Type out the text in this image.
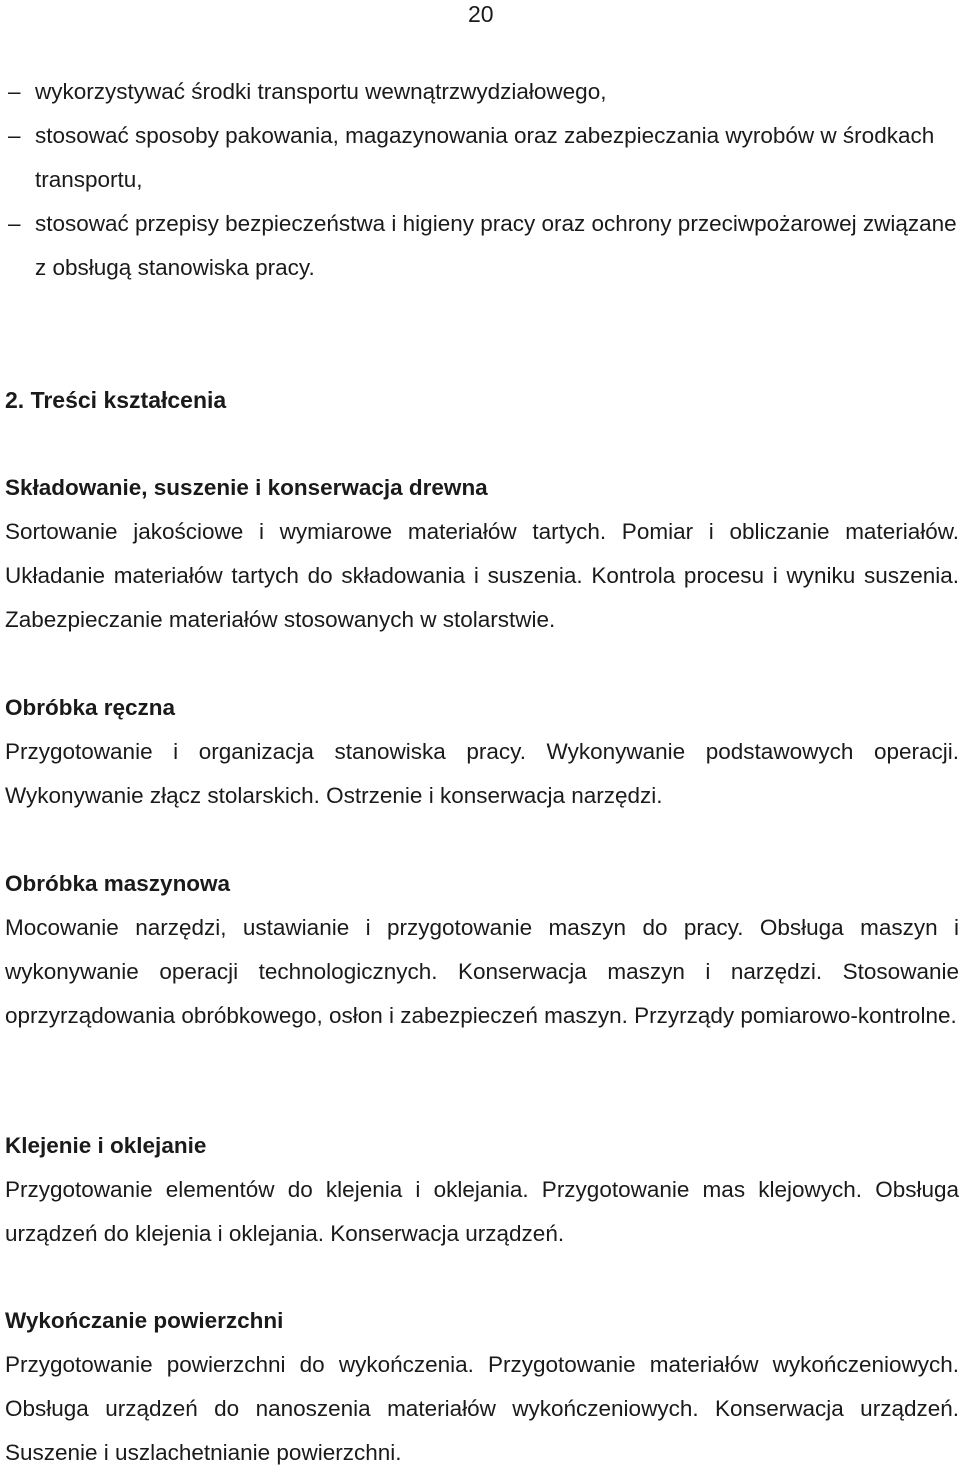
20
– wykorzystywać środki transportu wewnątrzwydziałowego,
– stosować sposoby pakowania, magazynowania oraz zabezpieczania wyrobów w środkach transportu,
– stosować przepisy bezpieczeństwa i higieny pracy oraz ochrony przeciwpożarowej związane z obsługą stanowiska pracy.
2. Treści kształcenia
Składowanie, suszenie i konserwacja drewna

Sortowanie jakościowe i wymiarowe materiałów tartych. Pomiar i obliczanie materiałów. Układanie materiałów tartych do składowania i suszenia. Kontrola procesu i wyniku suszenia. Zabezpieczanie materiałów stosowanych w stolarstwie.

Obróbka ręczna

Przygotowanie i organizacja stanowiska pracy. Wykonywanie podstawowych operacji. Wykonywanie złącz stolarskich. Ostrzenie i konserwacja narzędzi.

Obróbka maszynowa

Mocowanie narzędzi, ustawianie i przygotowanie maszyn do pracy. Obsługa maszyn i wykonywanie operacji technologicznych. Konserwacja maszyn i narzędzi. Stosowanie oprzyrządowania obróbkowego, osłon i zabezpieczeń maszyn. Przyrządy pomiarowo-kontrolne.

Klejenie i oklejanie

Przygotowanie elementów do klejenia i oklejania. Przygotowanie mas klejowych. Obsługa urządzeń do klejenia i oklejania. Konserwacja urządzeń.

Wykończanie powierzchni

Przygotowanie powierzchni do wykończenia. Przygotowanie materiałów wykończeniowych. Obsługa urządzeń do nanoszenia materiałów wykończeniowych. Konserwacja urządzeń. Suszenie i uszlachetnianie powierzchni.
